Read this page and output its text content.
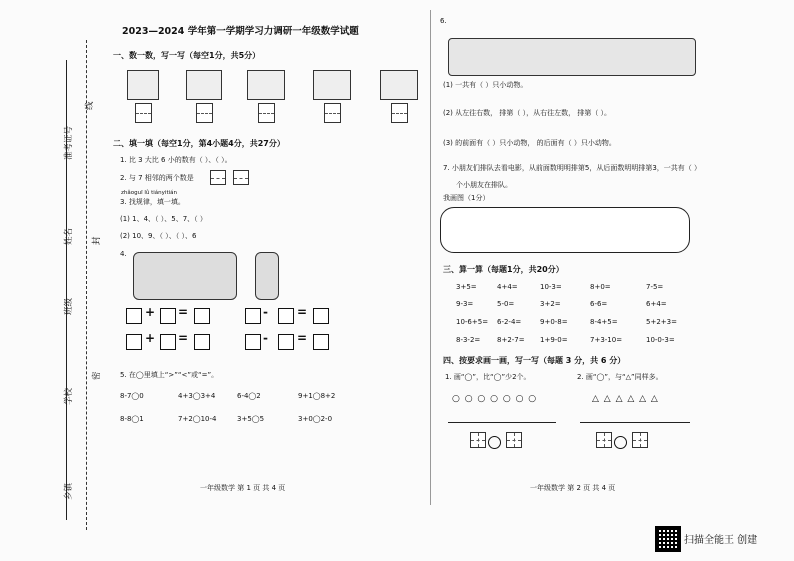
准考证号
线
姓名 封
班级
密
学校
乡镇
2023—2024 学年第一学期学习力调研一年级数学试题
一、数一数，写一写（每空1分，共5分）
二、填一填（每空1分，第4小题4分，共27分）
1. 比 3 大比 6 小的数有（ ）、（ ）。
2. 与 7 相邻的两个数是
zhǎoguī lǜ tiányitián
3. 找规律，填一填。
(1) 1、4、（ ）、5、7、（ ）
(2) 10、9、（ ）、（ ）、6
4.
+ =	- =
+ =	- =
5. 在◯里填上“>”“<”或“=”。
8-7◯0	4+3◯3+4	6-4◯2	9+1◯8+2
8-8◯1	7+2◯10-4	3+5◯5	3+0◯2-0
一年级数学 第 1 页 共 4 页
6.
(1) 一共有（ ）只小动物。
(2) 从左往右数， 排第（ ），从右往左数， 排第（ ）。
(3) 的前面有（ ）只小动物， 的后面有（ ）只小动物。
7. 小朋友们排队去看电影，从前面数明明排第5，从后面数明明排第3，一共有（ ）
个小朋友在排队。
我画图（1分）
三、算一算（每题1分，共20分）
3+5=	4+4=	10-3=	8+0=	7-5=
9-3=	5-0=	3+2=	6-6=	6+4=
10-6+5= 6-2-4=	9+0-8=	8-4+5=	5+2+3=
8-3-2= 8+2-7= 1+9-0=	7+3-10=	10-0-3=
四、按要求画一画，写一写（每题 3 分，共 6 分）
1. 画“◯”，比“◯”少2个。	2. 画“◯”，与“△”同样多。
○ ○ ○ ○ ○ ○ ○	△ △ △ △ △ △
一年级数学 第 2 页 共 4 页
扫描全能王 创建
